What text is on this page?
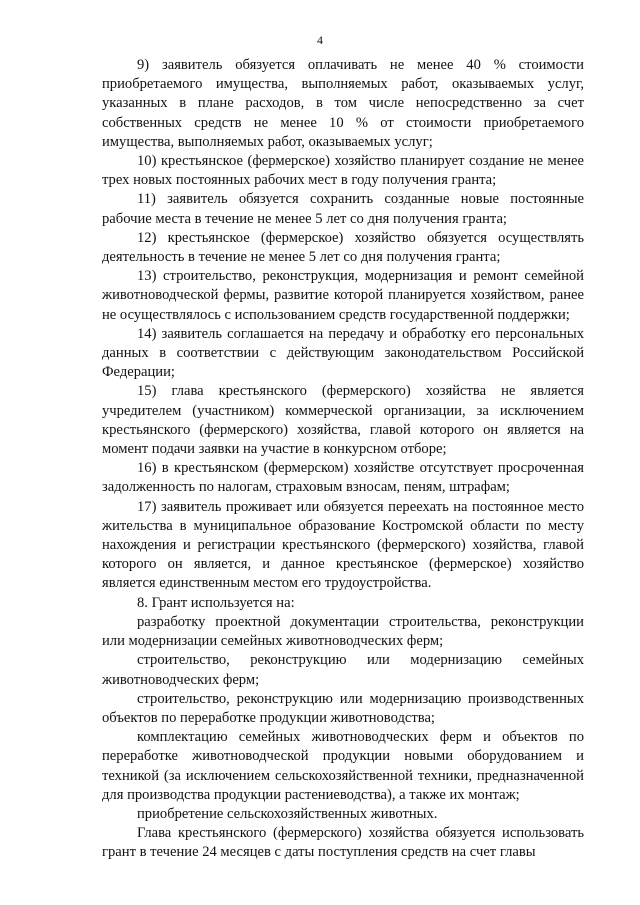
4

9) заявитель обязуется оплачивать не менее 40 % стоимости приобретаемого имущества, выполняемых работ, оказываемых услуг, указанных в плане расходов, в том числе непосредственно за счет собственных средств не менее 10 % от стоимости приобретаемого имущества, выполняемых работ, оказываемых услуг;

10) крестьянское (фермерское) хозяйство планирует создание не менее трех новых постоянных рабочих мест в году получения гранта;

11) заявитель обязуется сохранить созданные новые постоянные рабочие места в течение не менее 5 лет со дня получения гранта;

12) крестьянское (фермерское) хозяйство обязуется осуществлять деятельность в течение не менее 5 лет со дня получения гранта;

13) строительство, реконструкция, модернизация и ремонт семейной животноводческой фермы, развитие которой планируется хозяйством, ранее не осуществлялось с использованием средств государственной поддержки;

14) заявитель соглашается на передачу и обработку его персональных данных в соответствии с действующим законодательством Российской Федерации;

15) глава крестьянского (фермерского) хозяйства не является учредителем (участником) коммерческой организации, за исключением крестьянского (фермерского) хозяйства, главой которого он является на момент подачи заявки на участие в конкурсном отборе;

16) в крестьянском (фермерском) хозяйстве отсутствует просроченная задолженность по налогам, страховым взносам, пеням, штрафам;

17) заявитель проживает или обязуется переехать на постоянное место жительства в муниципальное образование Костромской области по месту нахождения и регистрации крестьянского (фермерского) хозяйства, главой которого он является, и данное крестьянское (фермерское) хозяйство является единственным местом его трудоустройства.

8. Грант используется на:

разработку проектной документации строительства, реконструкции или модернизации семейных животноводческих ферм;

строительство, реконструкцию или модернизацию семейных животноводческих ферм;

строительство, реконструкцию или модернизацию производственных объектов по переработке продукции животноводства;

комплектацию семейных животноводческих ферм и объектов по переработке животноводческой продукции новыми оборудованием и техникой (за исключением сельскохозяйственной техники, предназначенной для производства продукции растениеводства), а также их монтаж;

приобретение сельскохозяйственных животных.

Глава крестьянского (фермерского) хозяйства обязуется использовать грант в течение 24 месяцев с даты поступления средств на счет главы
